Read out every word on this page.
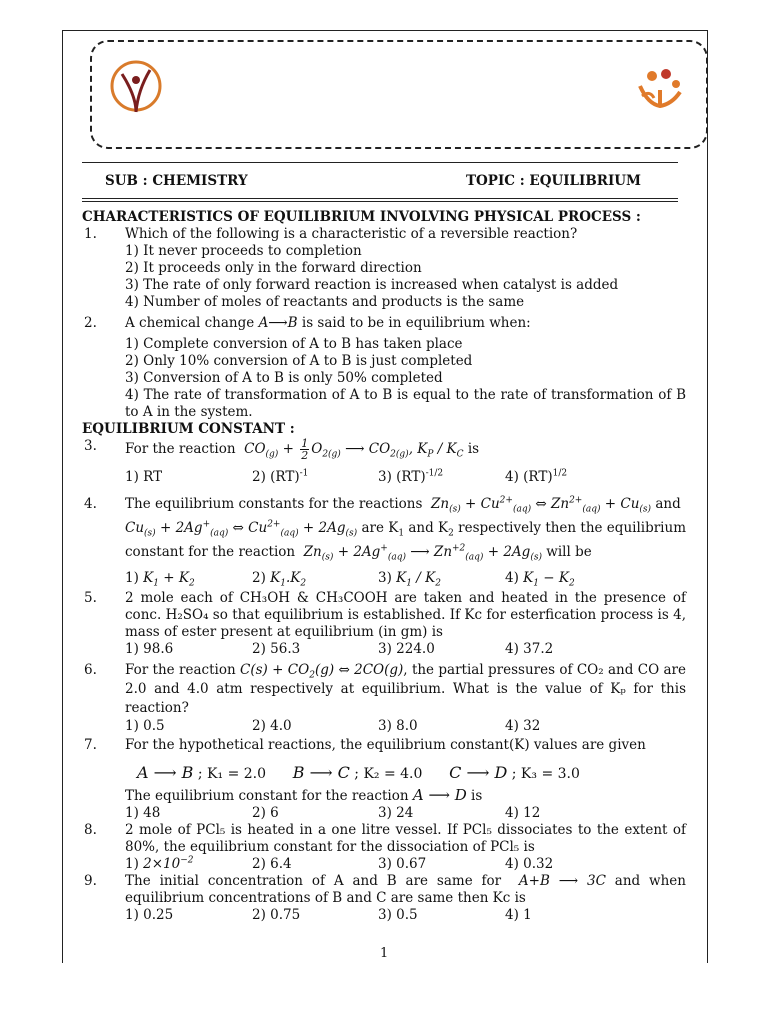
SUB : CHEMISTRY	TOPIC : EQUILIBRIUM
CHARACTERISTICS OF EQUILIBRIUM INVOLVING PHYSICAL PROCESS :
1. Which of the following is a characteristic of a reversible reaction?
1) It never proceeds to completion
2) It proceeds only in the forward direction
3) The rate of only forward reaction is increased when catalyst is added
4) Number of moles of reactants and products is the same
2. A chemical change A⟶B is said to be in equilibrium when:
1) Complete conversion of A to B has taken place
2) Only 10% conversion of A to B is just completed
3) Conversion of A to B is only 50% completed
4) The rate of transformation of A to B is equal to the rate of transformation of B to A in the system.
EQUILIBRIUM CONSTANT :
3. For the reaction  $CO_{(g)} + \frac{1}{2} O_{2(g)}$ ⟶ $CO_{2(g)}$, $K_P / K_C$ is
1) RT	2) (RT)$^{-1}$	3) (RT)$^{-1/2}$	4) (RT)$^{1/2}$
4. The equilibrium constants for the reactions  $Zn_{(s)} + Cu^{2+}_{(aq)}$ ⇔ $Zn^{2+}_{(aq)} + Cu_{(s)}$ and
$Cu_{(s)} + 2Ag^+_{(aq)}$ ⇔ $Cu^{2+}_{(aq)} + 2Ag_{(s)}$ are $K_1$ and $K_2$ respectively then the equilibrium
constant for the reaction  $Zn_{(s)} + 2Ag^+_{(aq)}$ ⟶ $Zn^{+2}_{(aq)} + 2Ag_{(s)}$ will be
1) $K_1 + K_2$	2) $K_1.K_2$	3) $K_1 / K_2$	4) $K_1 - K_2$
5. 2 mole each of CH₃OH & CH₃COOH are taken and heated in the presence of conc. H₂SO₄ so that equilibrium is established. If Kc for esterfication process is 4, mass of ester present at equilibrium (in gm) is
1) 98.6	2) 56.3	3) 224.0	4) 37.2
6. For the reaction $C(s) + CO_2(g)$ ⇔ 2CO(g), the partial pressures of CO₂ and CO are 2.0 and 4.0 atm respectively at equilibrium. What is the value of Kₚ for this reaction?
1) 0.5	2) 4.0	3) 8.0	4) 32
7. For the hypothetical reactions, the equilibrium constant(K) values are given
A ⟶ B ; K₁ = 2.0 B ⟶ C ; K₂ = 4.0 C ⟶ D ; K₃ = 3.0
The equilibrium constant for the reaction A ⟶ D is
1) 48	2) 6	3) 24	4) 12
8. 2 mole of PCl₅ is heated in a one litre vessel. If PCl₅ dissociates to the extent of 80%, the equilibrium constant for the dissociation of PCl₅ is
1) $2\times 10^{-2}$	2) 6.4	3) 0.67	4) 0.32
9. The initial concentration of A and B are same for  A+B ⟶ 3C and when equilibrium concentrations of B and C are same then Kc is
1) 0.25	2) 0.75	3) 0.5	4) 1
1
